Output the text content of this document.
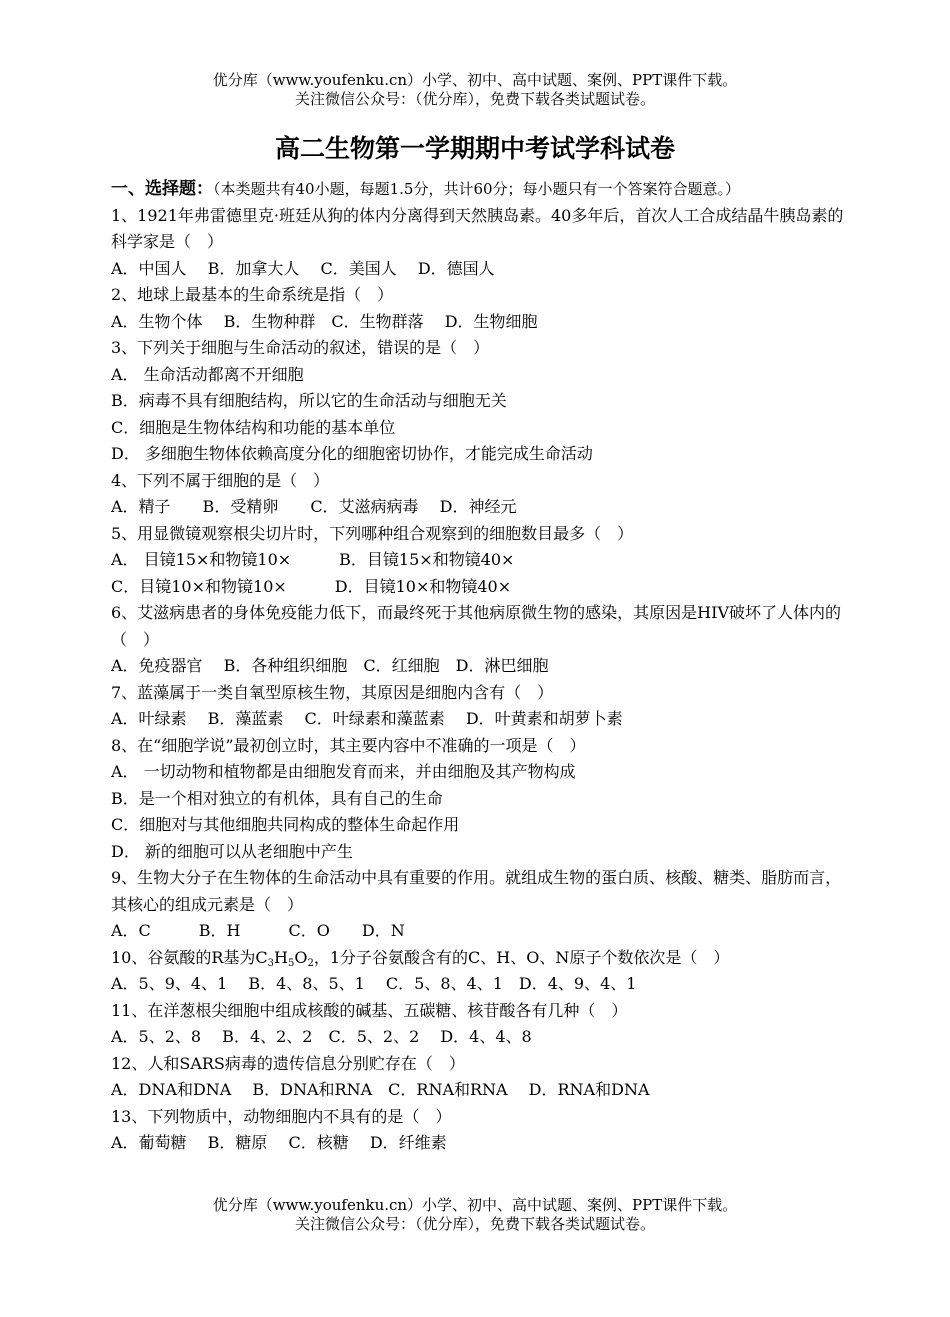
优分库（www.youfenku.cn）小学、初中、高中试题、案例、PPT课件下载。
关注微信公众号：（优分库），免费下载各类试题试卷。
高二生物第一学期期中考试学科试卷

一、选择题：（本类题共有40小题，每题1.5分，共计60分；每小题只有一个答案符合题意。）

1、1921年弗雷德里克·班廷从狗的体内分离得到天然胰岛素。40多年后，首次人工合成结晶牛胰岛素的科学家是（　）

A．中国人　 B．加拿大人　 C．美国人　 D．德国人

2、地球上最基本的生命系统是指（　）

A．生物个体　 B．生物种群　C．生物群落　 D．生物细胞

3、下列关于细胞与生命活动的叙述，错误的是（　）

A． 生命活动都离不开细胞

B．病毒不具有细胞结构，所以它的生命活动与细胞无关

C．细胞是生物体结构和功能的基本单位

D． 多细胞生物体依赖高度分化的细胞密切协作，才能完成生命活动

4、下列不属于细胞的是（　）

A．精子　　B．受精卵　　C．艾滋病病毒　 D．神经元

5、用显微镜观察根尖切片时，下列哪种组合观察到的细胞数目最多（　）

A． 目镜15×和物镜10×　　　B．目镜15×和物镜40×

C．目镜10×和物镜10×　　　D．目镜10×和物镜40×

6、艾滋病患者的身体免疫能力低下，而最终死于其他病原微生物的感染，其原因是HIV破坏了人体内的（　）

A．免疫器官　 B．各种组织细胞　C．红细胞　D．淋巴细胞

7、蓝藻属于一类自氧型原核生物，其原因是细胞内含有（　）

A．叶绿素　 B．藻蓝素　 C．叶绿素和藻蓝素　 D．叶黄素和胡萝卜素

8、在“细胞学说”最初创立时，其主要内容中不准确的一项是（　）

A． 一切动物和植物都是由细胞发育而来，并由细胞及其产物构成

B．是一个相对独立的有机体，具有自己的生命

C．细胞对与其他细胞共同构成的整体生命起作用

D． 新的细胞可以从老细胞中产生

9、生物大分子在生物体的生命活动中具有重要的作用。就组成生物的蛋白质、核酸、糖类、脂肪而言，其核心的组成元素是（　）

A．C　　　B．H　　　C．O　　D．N

10、谷氨酸的R基为$C_3H_5O_2$，1分子谷氨酸含有的C、H、O、N原子个数依次是（　）

A．5、9、4、1　 B．4、8、5、1　 C．5、8、4、1　D．4、9、4、1

11、在洋葱根尖细胞中组成核酸的碱基、五碳糖、核苷酸各有几种（　）

A．5、2、8　 B．4、2、2　C．5、2、2　 D．4、4、8

12、人和SARS病毒的遗传信息分别贮存在（　）

A．DNA和DNA　 B．DNA和RNA　C．RNA和RNA　 D．RNA和DNA

13、下列物质中，动物细胞内不具有的是（　）

A．葡萄糖　 B．糖原　 C．核糖　 D．纤维素

优分库（www.youfenku.cn）小学、初中、高中试题、案例、PPT课件下载。
关注微信公众号：（优分库），免费下载各类试题试卷。
